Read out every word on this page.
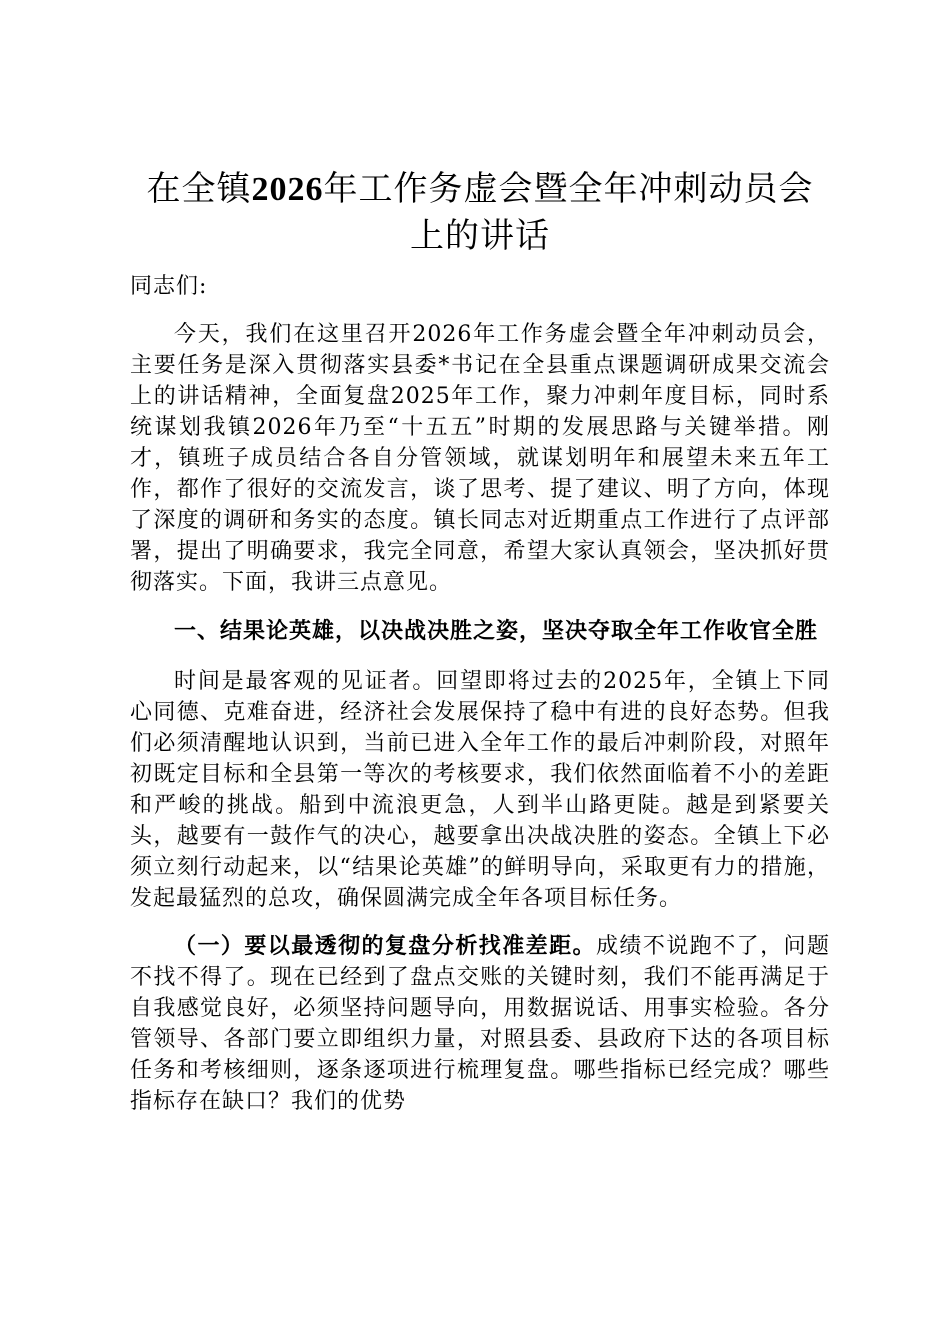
在全镇2026年工作务虚会暨全年冲刺动员会上的讲话

同志们:

今天，我们在这里召开2026年工作务虚会暨全年冲刺动员会，主要任务是深入贯彻落实县委*书记在全县重点课题调研成果交流会上的讲话精神，全面复盘2025年工作，聚力冲刺年度目标，同时系统谋划我镇2026年乃至“十五五”时期的发展思路与关键举措。刚才，镇班子成员结合各自分管领域，就谋划明年和展望未来五年工作，都作了很好的交流发言，谈了思考、提了建议、明了方向，体现了深度的调研和务实的态度。镇长同志对近期重点工作进行了点评部署，提出了明确要求，我完全同意，希望大家认真领会，坚决抓好贯彻落实。下面，我讲三点意见。

一、结果论英雄，以决战决胜之姿，坚决夺取全年工作收官全胜

时间是最客观的见证者。回望即将过去的2025年，全镇上下同心同德、克难奋进，经济社会发展保持了稳中有进的良好态势。但我们必须清醒地认识到，当前已进入全年工作的最后冲刺阶段，对照年初既定目标和全县第一等次的考核要求，我们依然面临着不小的差距和严峻的挑战。船到中流浪更急，人到半山路更陡。越是到紧要关头，越要有一鼓作气的决心，越要拿出决战决胜的姿态。全镇上下必须立刻行动起来，以“结果论英雄”的鲜明导向，采取更有力的措施，发起最猛烈的总攻，确保圆满完成全年各项目标任务。

（一）要以最透彻的复盘分析找准差距。成绩不说跑不了，问题不找不得了。现在已经到了盘点交账的关键时刻，我们不能再满足于自我感觉良好，必须坚持问题导向，用数据说话、用事实检验。各分管领导、各部门要立即组织力量，对照县委、县政府下达的各项目标任务和考核细则，逐条逐项进行梳理复盘。哪些指标已经完成？哪些指标存在缺口？我们的优势
